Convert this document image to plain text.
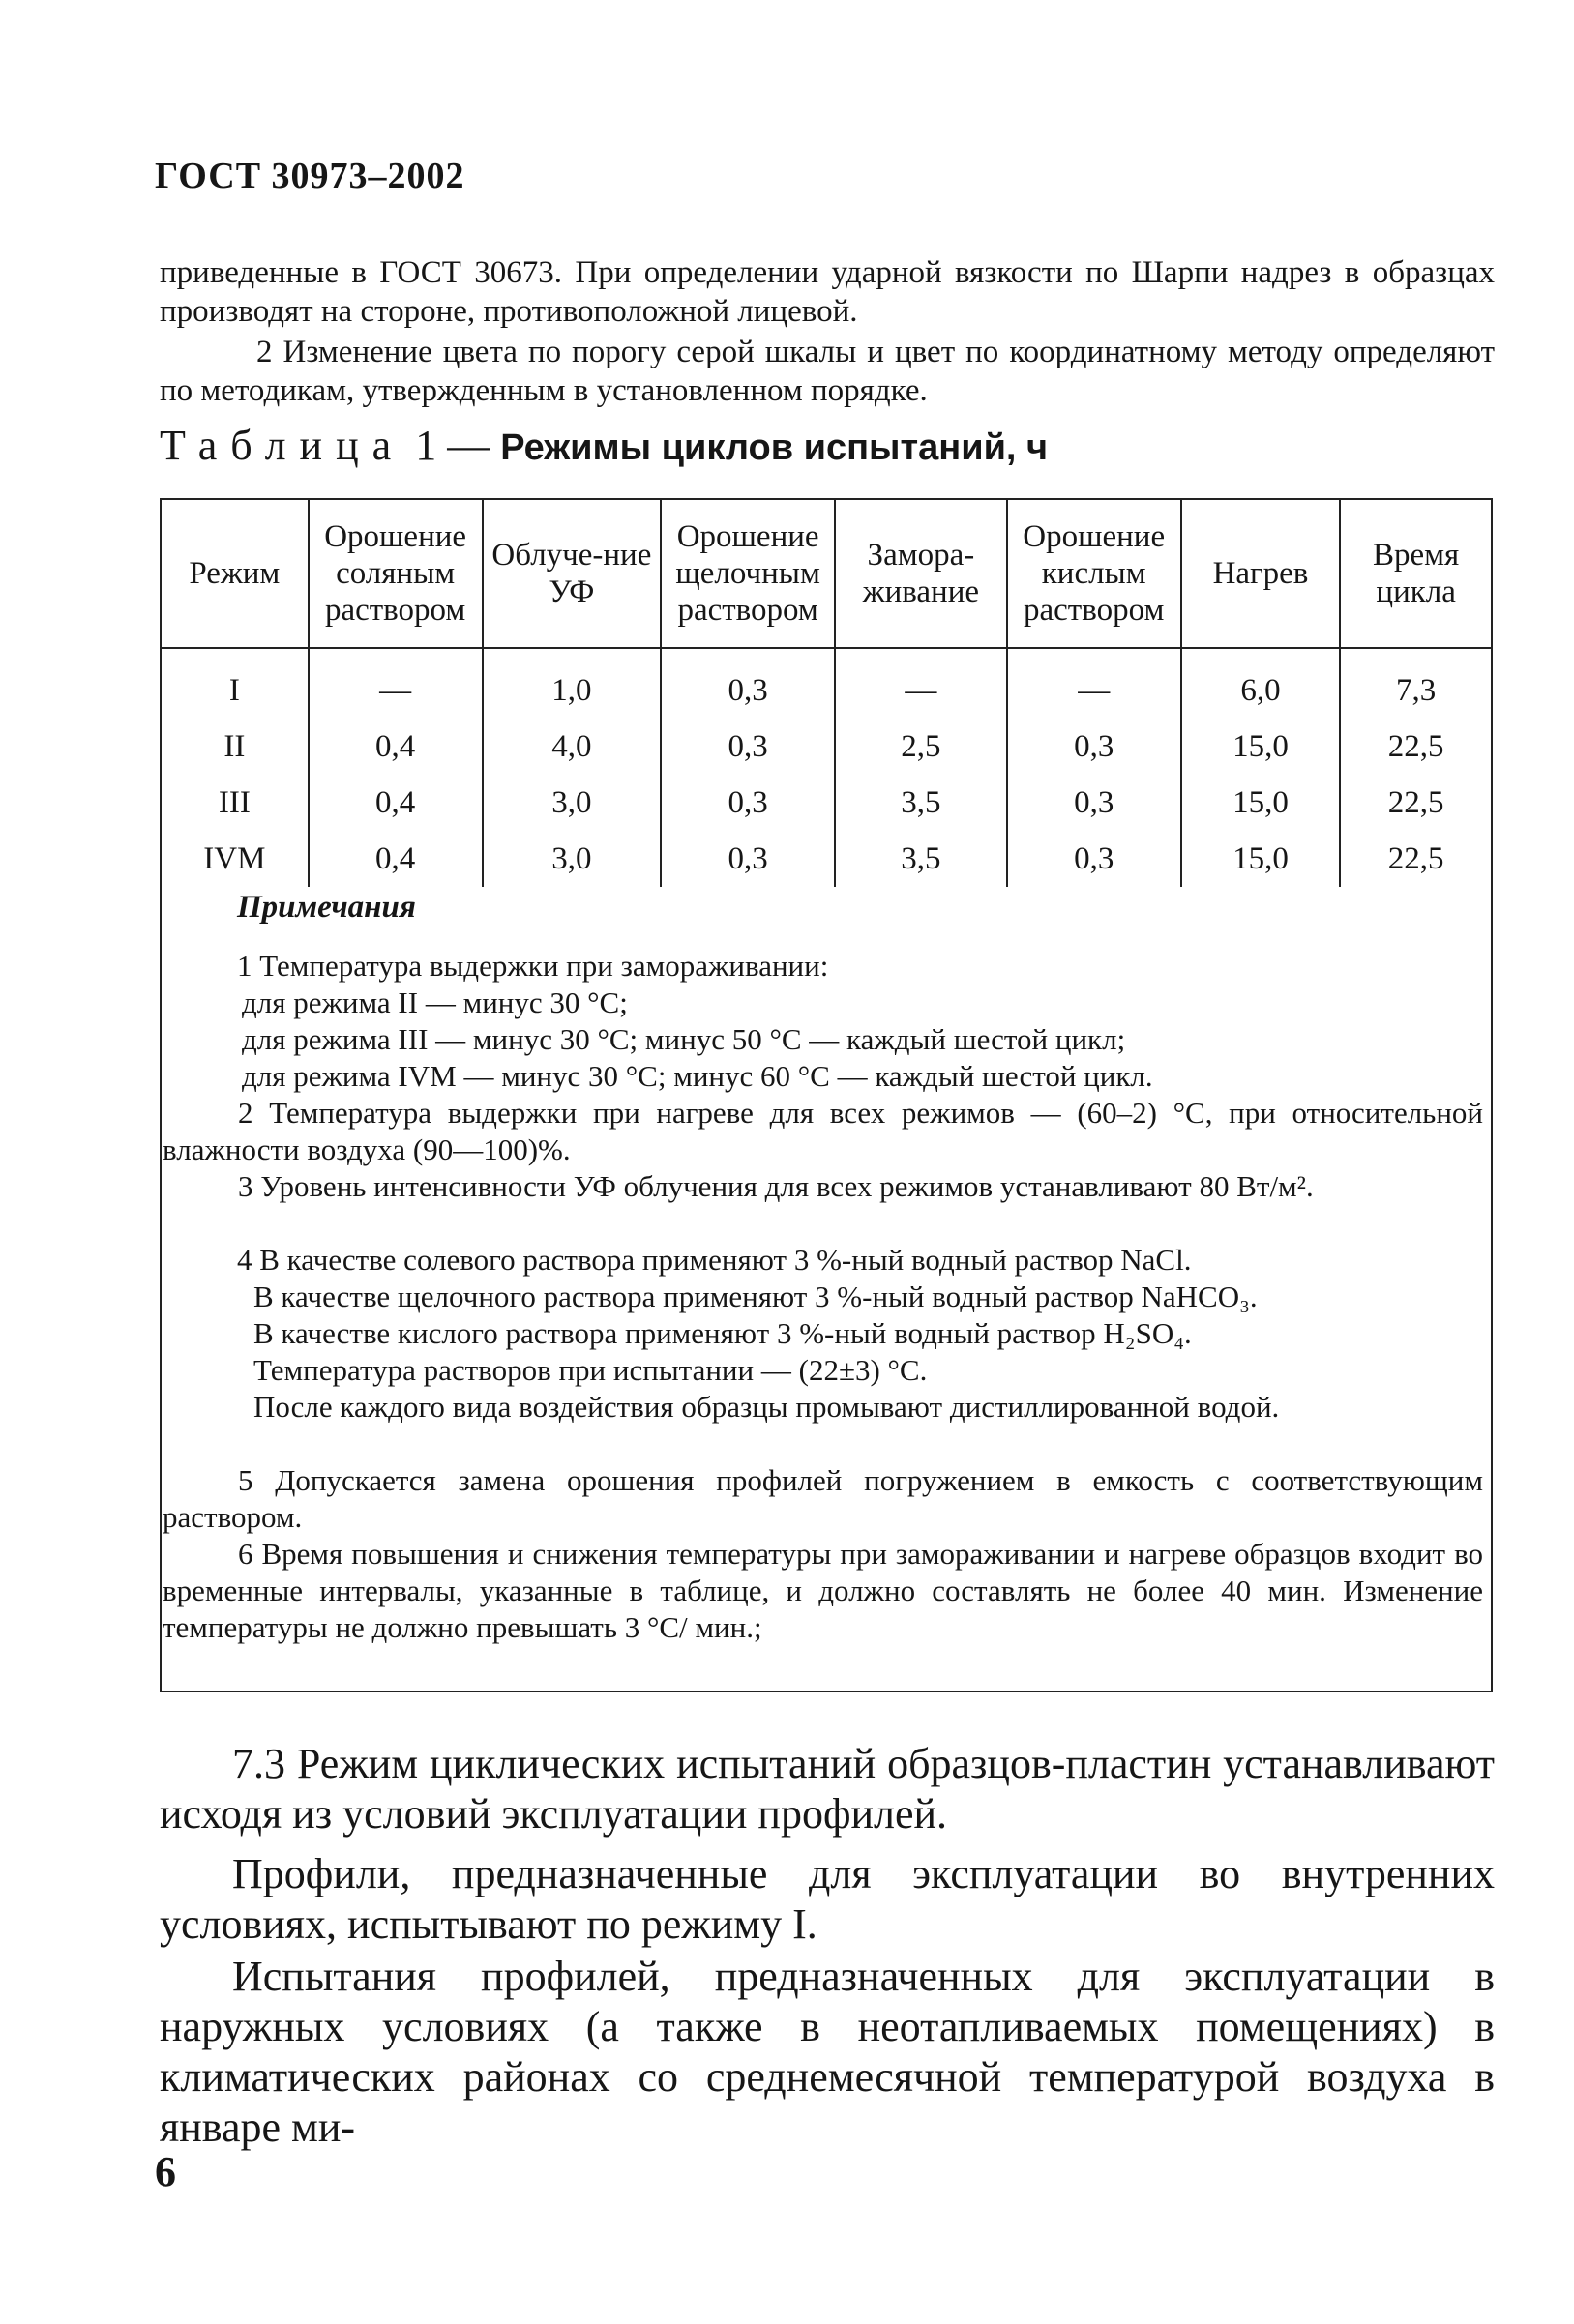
ГОСТ 30973–2002
приведенные в ГОСТ 30673. При определении ударной вязкости по Шарпи надрез в образцах производят на стороне, противоположной лицевой.
2 Изменение цвета по порогу серой шкалы и цвет по координатному методу определяют по методикам, утвержденным в установленном порядке.
Таблица 1 — Режимы циклов испытаний, ч
Режим	Орошение соляным раствором	Облуче-ние УФ	Орошение щелочным раствором	Замора-живание	Орошение кислым раствором	Нагрев	Время цикла
I	—	1,0	0,3	—	—	6,0	7,3
II	0,4	4,0	0,3	2,5	0,3	15,0	22,5
III	0,4	3,0	0,3	3,5	0,3	15,0	22,5
IVM	0,4	3,0	0,3	3,5	0,3	15,0	22,5
Примечания
1 Температура выдержки при замораживании:
для режима II — минус 30 °С;
для режима III — минус 30 °С; минус 50 °С — каждый шестой цикл;
для режима IVM — минус 30 °С; минус 60 °С — каждый шестой цикл.
2 Температура выдержки при нагреве для всех режимов — (60–2) °С, при относительной влажности воздуха (90—100)%.
3 Уровень интенсивности УФ облучения для всех режимов устанавливают 80 Вт/м².
4 В качестве солевого раствора применяют 3 %-ный водный раствор NaCl.
В качестве щелочного раствора применяют 3 %-ный водный раствор NaHCO₃.
В качестве кислого раствора применяют 3 %-ный водный раствор H₂SO₄.
Температура растворов при испытании — (22±3) °С.
После каждого вида воздействия образцы промывают дистиллированной водой.
5 Допускается замена орошения профилей погружением в емкость с соответствующим раствором.
6 Время повышения и снижения температуры при замораживании и нагреве образцов входит во временные интервалы, указанные в таблице, и должно составлять не более 40 мин. Изменение температуры не должно превышать 3 °С/ мин.;
7.3 Режим циклических испытаний образцов-пластин устанавливают исходя из условий эксплуатации профилей.
Профили, предназначенные для эксплуатации во внутренних условиях, испытывают по режиму I.
Испытания профилей, предназначенных для эксплуатации в наружных условиях (а также в неотапливаемых помещениях) в климатических районах со среднемесячной температурой воздуха в январе ми-
6
